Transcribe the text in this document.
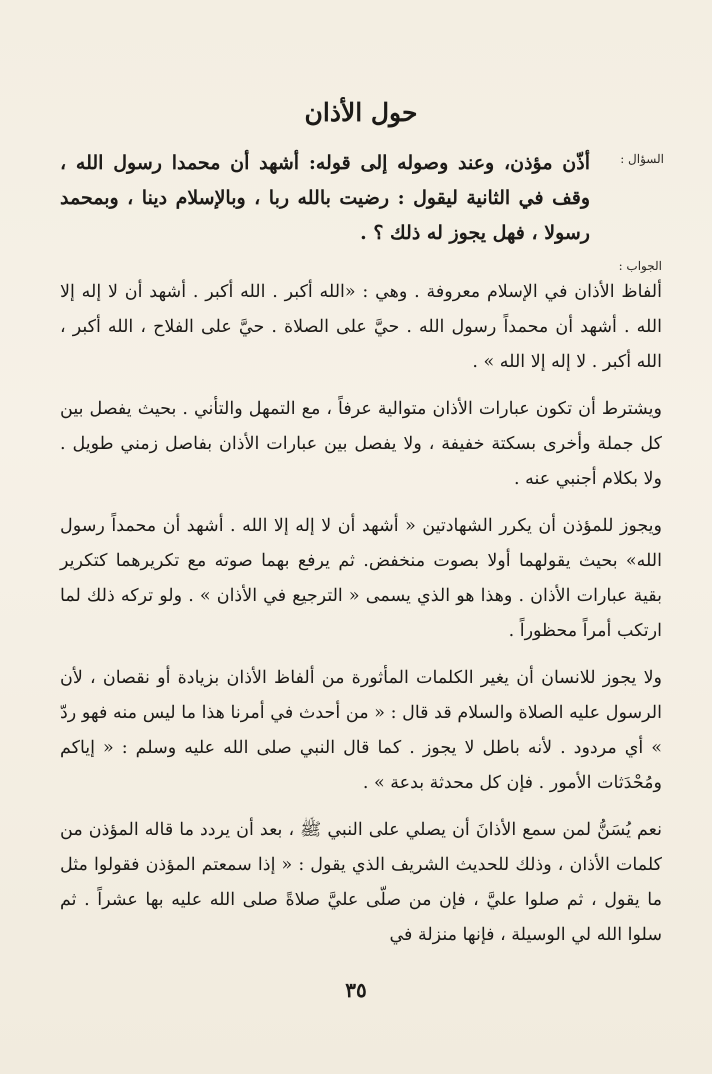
حول الأذان
السؤال :

أذّن مؤذن، وعند وصوله إلى قوله: أشهد أن محمدا رسول الله ، وقف في الثانية ليقول : رضيت بالله ربا ، وبالإسلام دينا ، وبمحمد رسولا ، فهل يجوز له ذلك ؟ .

الجواب :

ألفاظ الأذان في الإسلام معروفة . وهي : «الله أكبر . الله أكبر . أشهد أن لا إله إلا الله . أشهد أن محمداً رسول الله . حيَّ على الصلاة . حيَّ على الفلاح ، الله أكبر ، الله أكبر . لا إله إلا الله » .

ويشترط أن تكون عبارات الأذان متوالية عرفاً ، مع التمهل والتأني . بحيث يفصل بين كل جملة وأخرى بسكتة خفيفة ، ولا يفصل بين عبارات الأذان بفاصل زمني طويل . ولا بكلام أجنبي عنه .

ويجوز للمؤذن أن يكرر الشهادتين « أشهد أن لا إله إلا الله . أشهد أن محمداً رسول الله» بحيث يقولهما أولا بصوت منخفض. ثم يرفع بهما صوته مع تكريرهما كتكرير بقية عبارات الأذان . وهذا هو الذي يسمى « الترجيع في الأذان » . ولو تركه ذلك لما ارتكب أمراً محظوراً .

ولا يجوز للانسان أن يغير الكلمات المأثورة من ألفاظ الأذان بزيادة أو نقصان ، لأن الرسول عليه الصلاة والسلام قد قال : « من أحدث في أمرنا هذا ما ليس منه فهو ردّ » أي مردود . لأنه باطل لا يجوز . كما قال النبي صلى الله عليه وسلم : « إياكم ومُحْدَثات الأمور . فإن كل محدثة بدعة » .

نعم يُسَنُّ لمن سمع الأذانَ أن يصلي على النبي ﷺ ، بعد أن يردد ما قاله المؤذن من كلمات الأذان ، وذلك للحديث الشريف الذي يقول : « إذا سمعتم المؤذن فقولوا مثل ما يقول ، ثم صلوا عليَّ ، فإن من صلّى عليَّ صلاةً صلى الله عليه بها عشراً . ثم سلوا الله لي الوسيلة ، فإنها منزلة في

٣٥
